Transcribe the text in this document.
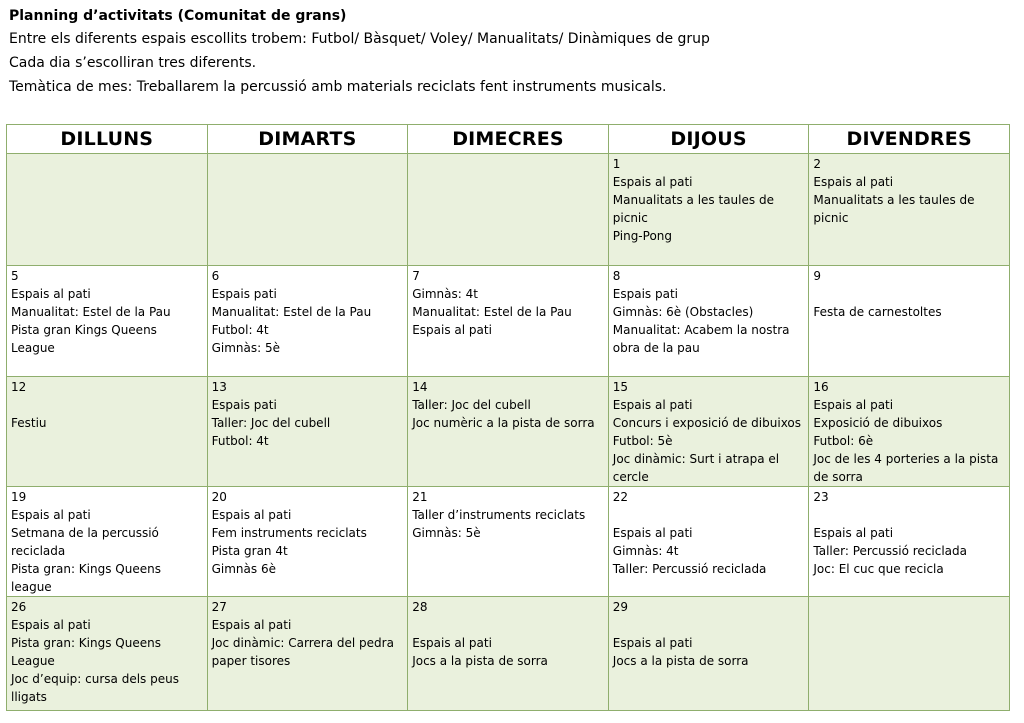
Planning d’activitats (Comunitat de grans)
Entre els diferents espais escollits trobem: Futbol/ Bàsquet/ Voley/ Manualitats/ Dinàmiques de grup
Cada dia s’escolliran tres diferents.
Temàtica de mes: Treballarem la percussió amb materials reciclats fent instruments musicals.
DILLUNS	DIMARTS	DIMECRES	DIJOUS	DIVENDRES

			1
Espais al pati
Manualitats a les taules de picnic
Ping-Pong	2
Espais al pati
Manualitats a les taules de picnic

5
Espais al pati
Manualitat: Estel de la Pau
Pista gran Kings Queens League	6
Espais pati
Manualitat: Estel de la Pau
Futbol: 4t
Gimnàs: 5è	7
Gimnàs: 4t
Manualitat: Estel de la Pau
Espais al pati	8
Espais pati
Gimnàs: 6è (Obstacles)
Manualitat: Acabem la nostra obra de la pau	9

Festa de carnestoltes

12

Festiu	13
Espais pati
Taller: Joc del cubell
Futbol: 4t	14
Taller: Joc del cubell
Joc numèric a la pista de sorra	15
Espais al pati
Concurs i exposició de dibuixos
Futbol: 5è
Joc dinàmic: Surt i atrapa el cercle	16
Espais al pati
Exposició de dibuixos
Futbol: 6è
Joc de les 4 porteries a la pista de sorra

19
Espais al pati
Setmana de la percussió reciclada
Pista gran: Kings Queens league	20
Espais al pati
Fem instruments reciclats
Pista gran 4t
Gimnàs 6è	21
Taller d’instruments reciclats
Gimnàs: 5è	22

Espais al pati
Gimnàs: 4t
Taller: Percussió reciclada	23

Espais al pati
Taller: Percussió reciclada
Joc: El cuc que recicla

26
Espais al pati
Pista gran: Kings Queens League
Joc d’equip: cursa dels peus lligats	27
Espais al pati
Joc dinàmic: Carrera del pedra paper tisores	28

Espais al pati
Jocs a la pista de sorra	29

Espais al pati
Jocs a la pista de sorra	
